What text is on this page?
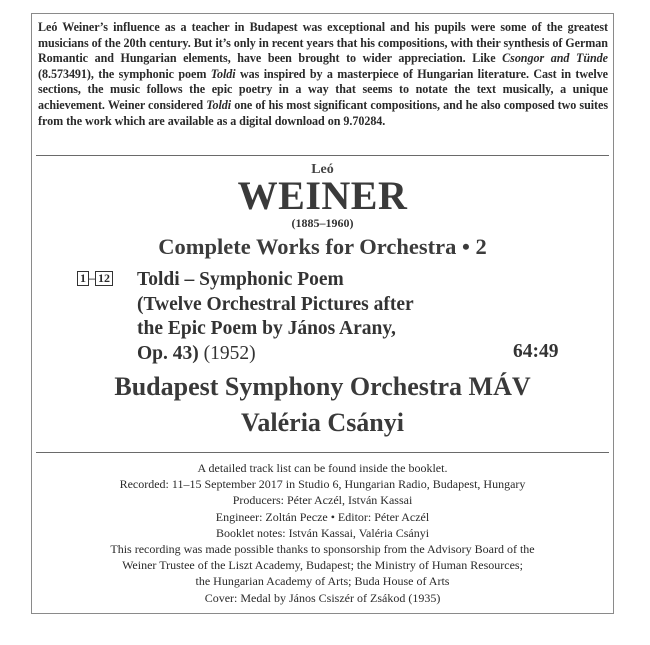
Leó Weiner’s influence as a teacher in Budapest was exceptional and his pupils were some of the greatest musicians of the 20th century. But it’s only in recent years that his compositions, with their synthesis of German Romantic and Hungarian elements, have been brought to wider appreciation. Like Csongor and Tünde (8.573491), the symphonic poem Toldi was inspired by a masterpiece of Hungarian literature. Cast in twelve sections, the music follows the epic poetry in a way that seems to notate the text musically, a unique achievement. Weiner considered Toldi one of his most significant compositions, and he also composed two suites from the work which are available as a digital download on 9.70284.
Leó
WEINER
(1885–1960)
Complete Works for Orchestra • 2
1 – 12 Toldi – Symphonic Poem
(Twelve Orchestral Pictures after
the Epic Poem by János Arany,
Op. 43) (1952)	64:49
Budapest Symphony Orchestra MÁV
Valéria Csányi
A detailed track list can be found inside the booklet.
Recorded: 11–15 September 2017 in Studio 6, Hungarian Radio, Budapest, Hungary
Producers: Péter Aczél, István Kassai
Engineer: Zoltán Pecze • Editor: Péter Aczél
Booklet notes: István Kassai, Valéria Csányi
This recording was made possible thanks to sponsorship from the Advisory Board of the
Weiner Trustee of the Liszt Academy, Budapest; the Ministry of Human Resources;
the Hungarian Academy of Arts; Buda House of Arts
Cover: Medal by János Csiszér of Zsákod (1935)
